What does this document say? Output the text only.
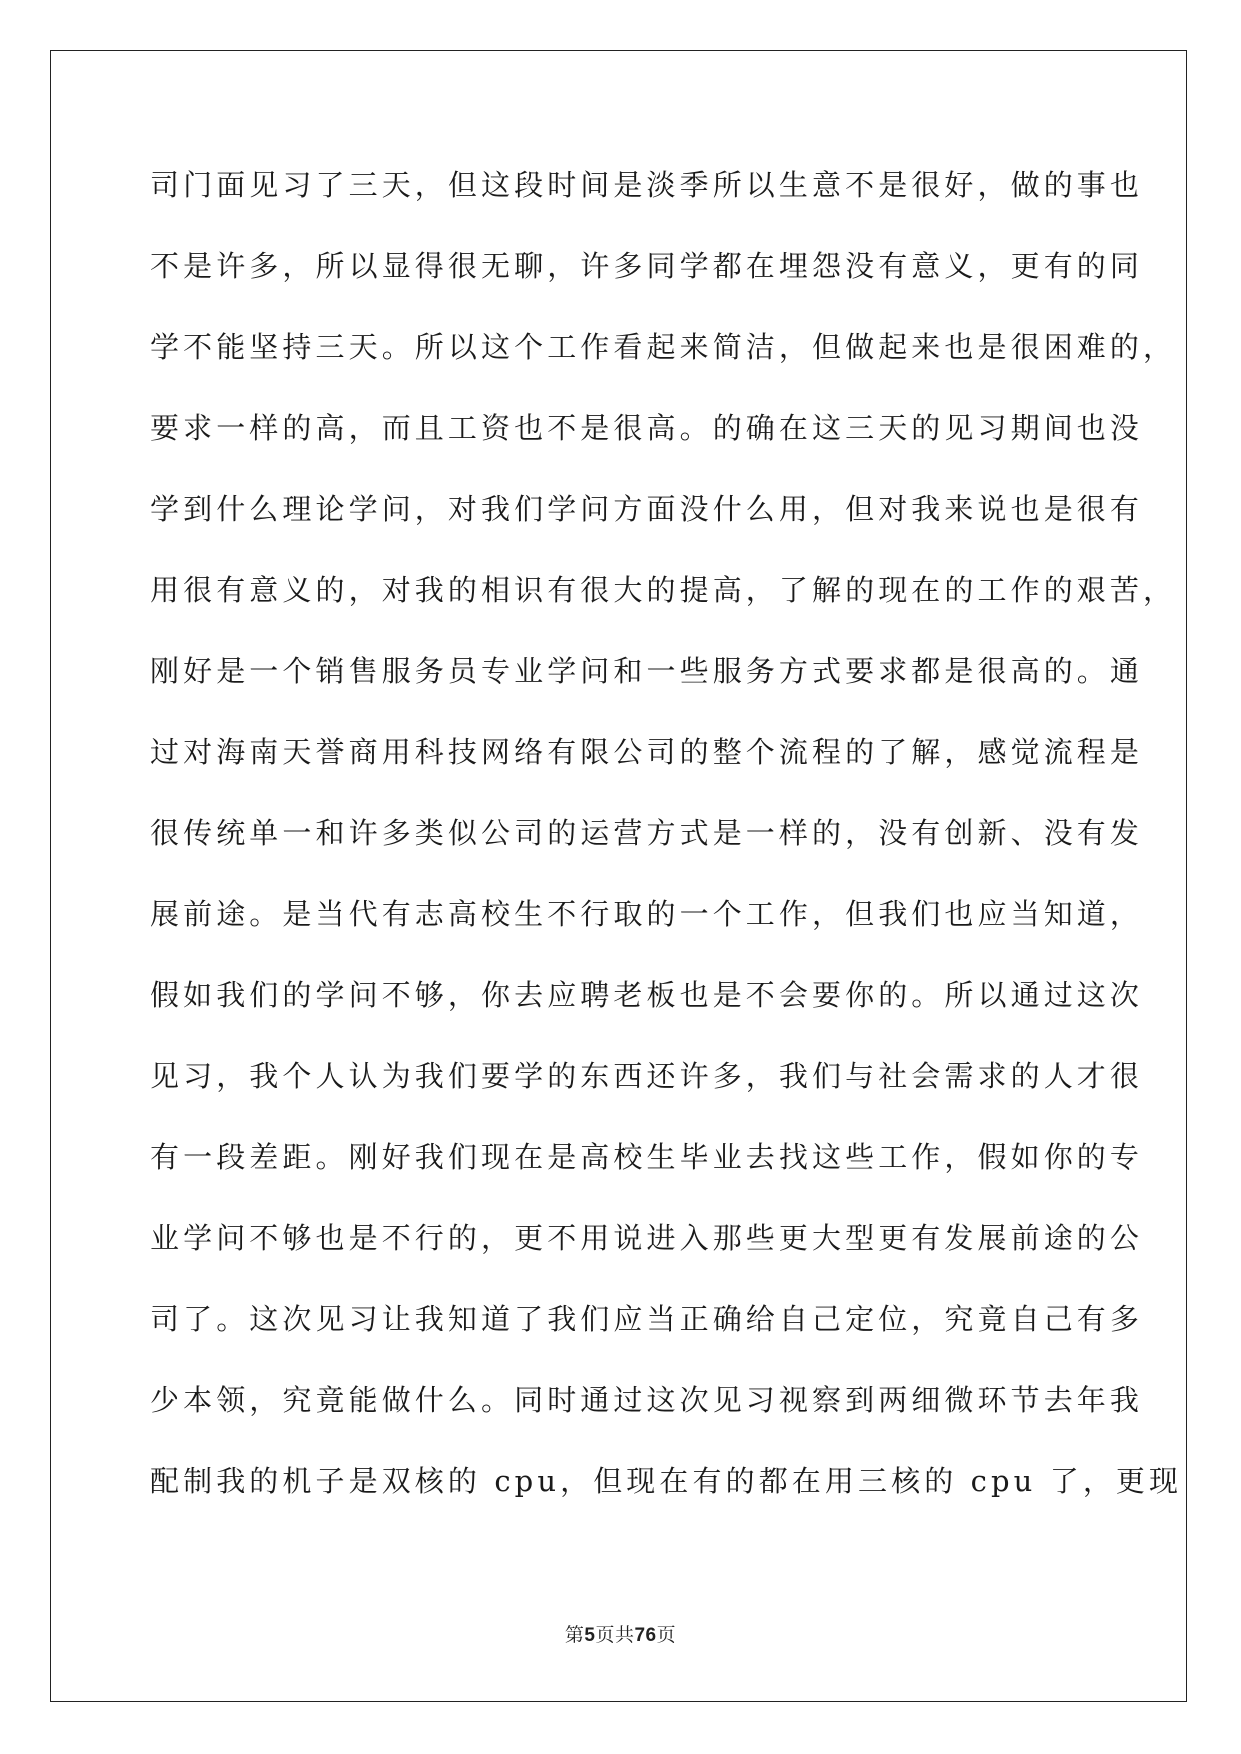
司门面见习了三天，但这段时间是淡季所以生意不是很好，做的事也
不是许多，所以显得很无聊，许多同学都在埋怨没有意义，更有的同
学不能坚持三天。所以这个工作看起来简洁，但做起来也是很困难的，
要求一样的高，而且工资也不是很高。的确在这三天的见习期间也没
学到什么理论学问，对我们学问方面没什么用，但对我来说也是很有
用很有意义的，对我的相识有很大的提高，了解的现在的工作的艰苦，
刚好是一个销售服务员专业学问和一些服务方式要求都是很高的。通
过对海南天誉商用科技网络有限公司的整个流程的了解，感觉流程是
很传统单一和许多类似公司的运营方式是一样的，没有创新、没有发
展前途。是当代有志高校生不行取的一个工作，但我们也应当知道，
假如我们的学问不够，你去应聘老板也是不会要你的。所以通过这次
见习，我个人认为我们要学的东西还许多，我们与社会需求的人才很
有一段差距。刚好我们现在是高校生毕业去找这些工作，假如你的专
业学问不够也是不行的，更不用说进入那些更大型更有发展前途的公
司了。这次见习让我知道了我们应当正确给自己定位，究竟自己有多
少本领，究竟能做什么。同时通过这次见习视察到两细微环节去年我
配制我的机子是双核的 cpu，但现在有的都在用三核的 cpu 了，更现
第5页共76页
